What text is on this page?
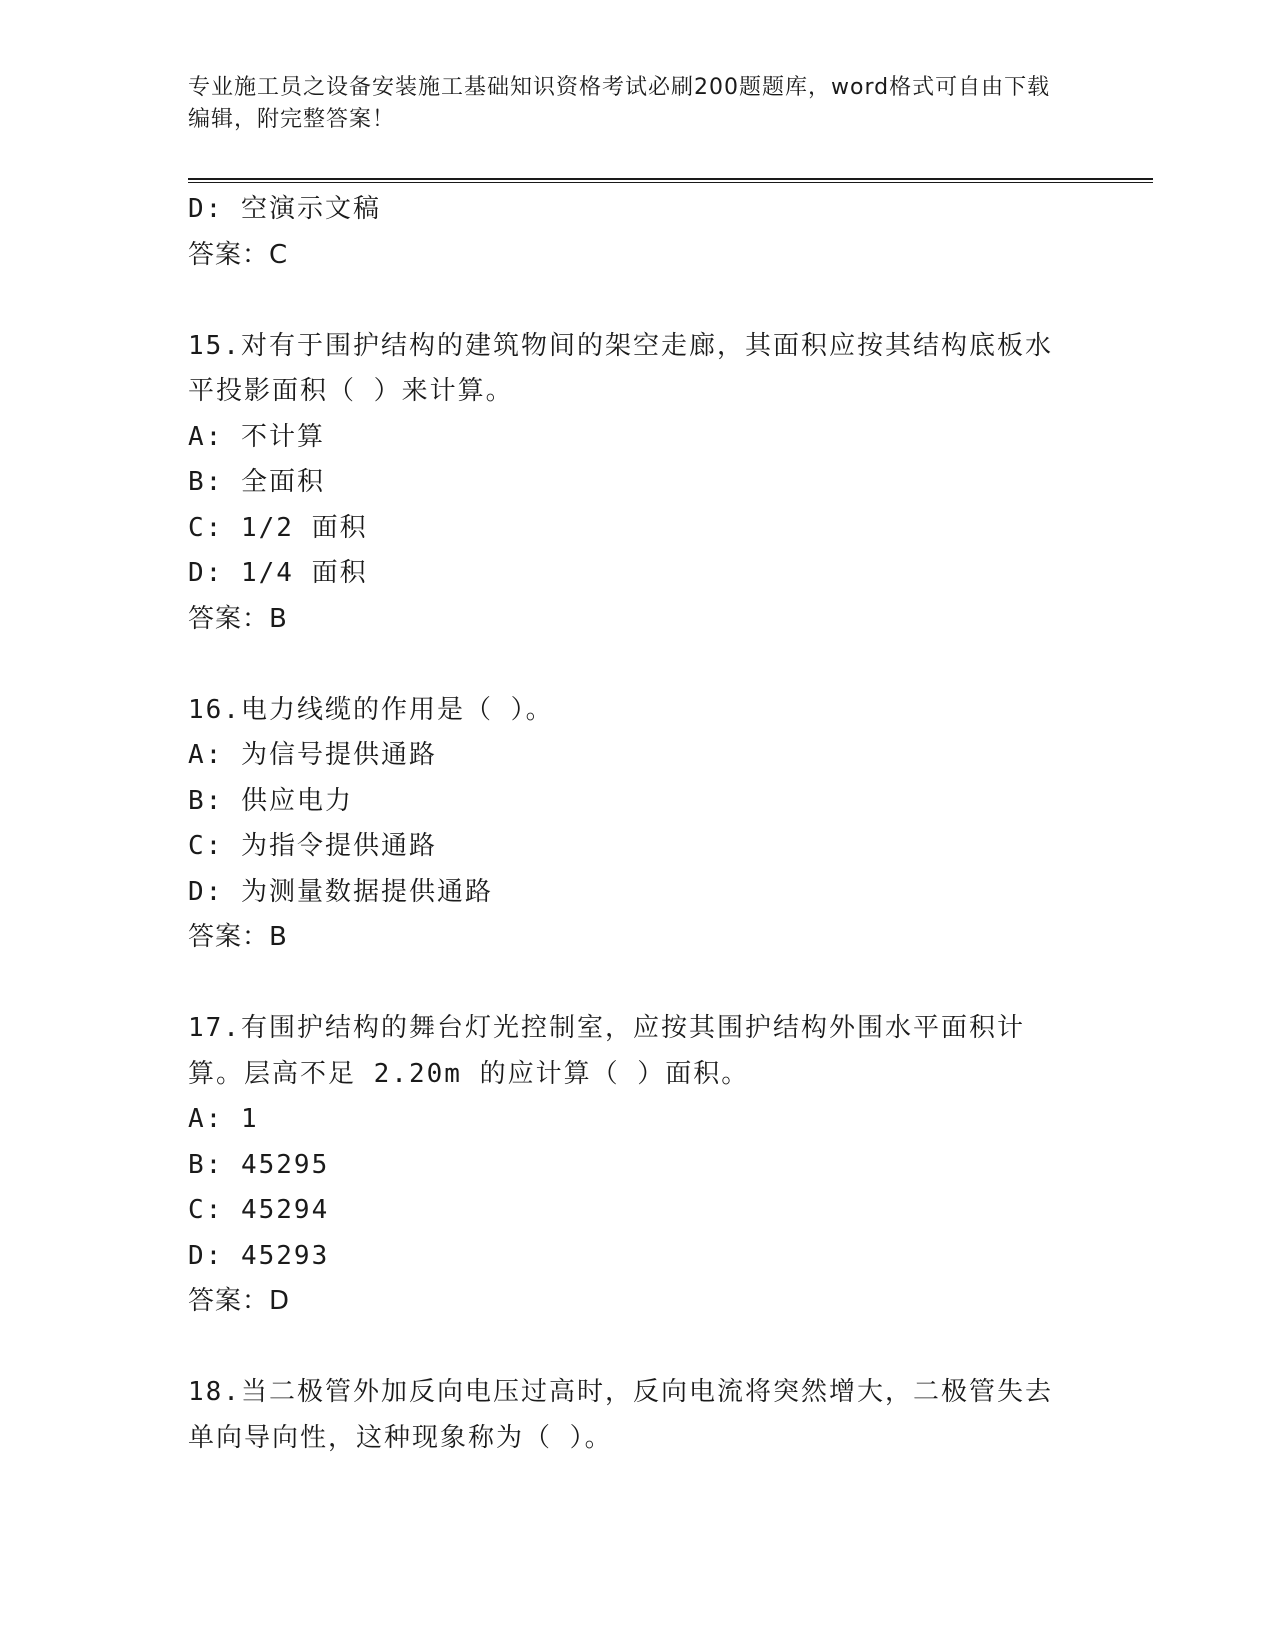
专业施工员之设备安装施工基础知识资格考试必刷200题题库，word格式可自由下载编辑，附完整答案！
D: 空演示文稿
答案：C
15.对有于围护结构的建筑物间的架空走廊，其面积应按其结构底板水平投影面积（ ）来计算。
A: 不计算
B: 全面积
C: 1/2 面积
D: 1/4 面积
答案：B
16.电力线缆的作用是（ ）。
A: 为信号提供通路
B: 供应电力
C: 为指令提供通路
D: 为测量数据提供通路
答案：B
17.有围护结构的舞台灯光控制室，应按其围护结构外围水平面积计算。层高不足 2.20m 的应计算（ ）面积。
A: 1
B: 45295
C: 45294
D: 45293
答案：D
18.当二极管外加反向电压过高时，反向电流将突然增大，二极管失去单向导向性，这种现象称为（ ）。
